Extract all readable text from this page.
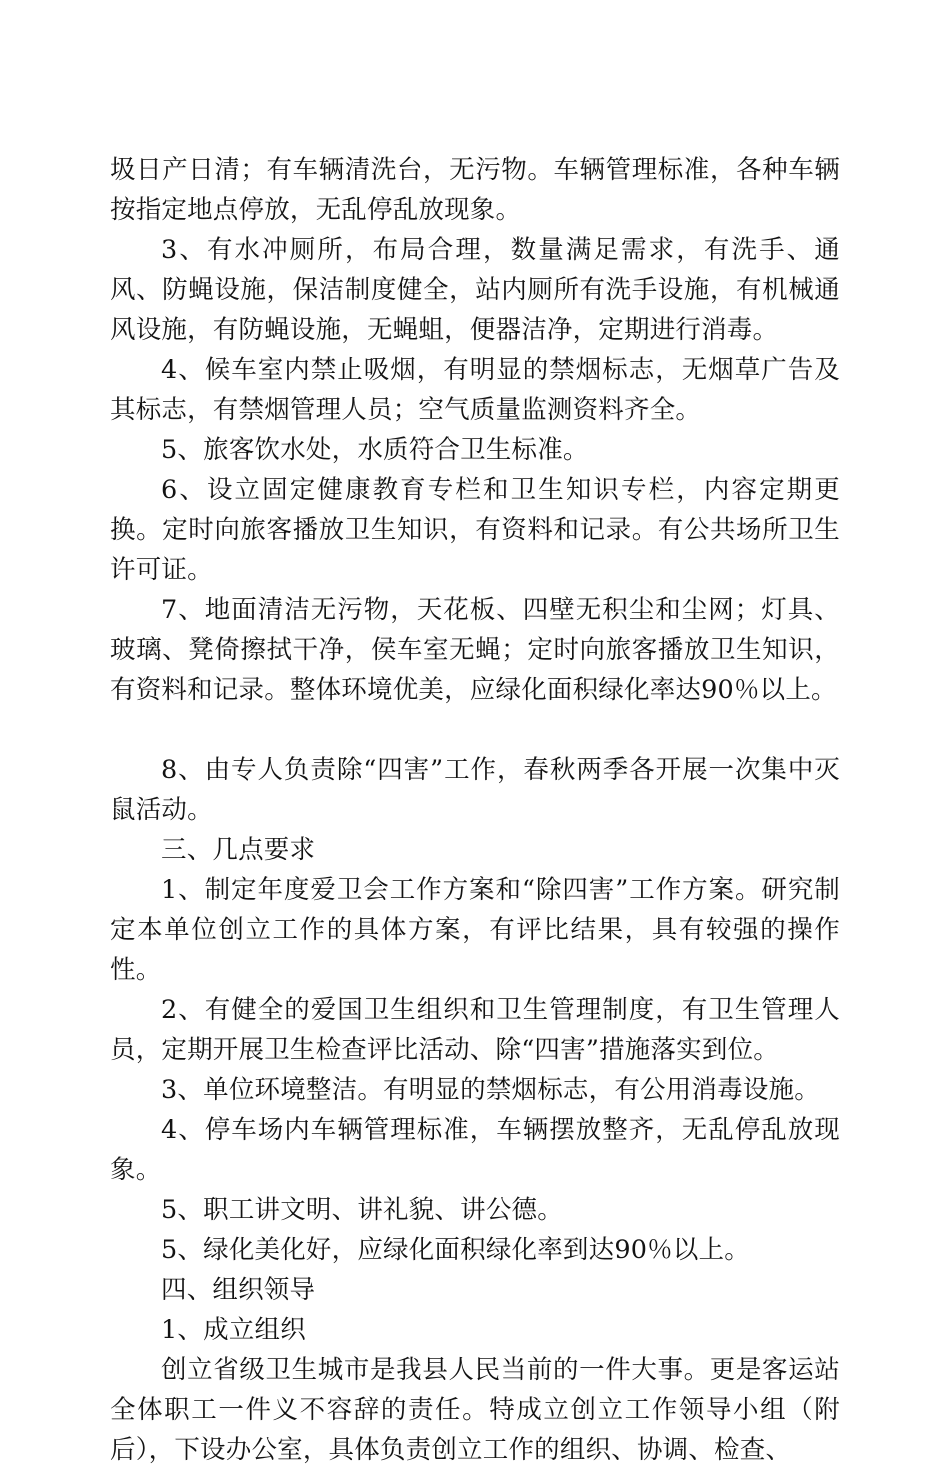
圾日产日清；有车辆清洗台，无污物。车辆管理标准，各种车辆按指定地点停放，无乱停乱放现象。

3、有水冲厕所，布局合理，数量满足需求，有洗手、通风、防蝇设施，保洁制度健全，站内厕所有洗手设施，有机械通风设施，有防蝇设施，无蝇蛆，便器洁净，定期进行消毒。

4、候车室内禁止吸烟，有明显的禁烟标志，无烟草广告及其标志，有禁烟管理人员；空气质量监测资料齐全。

5、旅客饮水处，水质符合卫生标准。

6、设立固定健康教育专栏和卫生知识专栏，内容定期更换。定时向旅客播放卫生知识，有资料和记录。有公共场所卫生许可证。

7、地面清洁无污物，天花板、四壁无积尘和尘网；灯具、玻璃、凳倚擦拭干净，侯车室无蝇；定时向旅客播放卫生知识，有资料和记录。整体环境优美，应绿化面积绿化率达90％以上。

8、由专人负责除“四害”工作，春秋两季各开展一次集中灭鼠活动。

三、几点要求

1、制定年度爱卫会工作方案和“除四害”工作方案。研究制定本单位创立工作的具体方案，有评比结果，具有较强的操作性。

2、有健全的爱国卫生组织和卫生管理制度，有卫生管理人员，定期开展卫生检查评比活动、除“四害”措施落实到位。

3、单位环境整洁。有明显的禁烟标志，有公用消毒设施。

4、停车场内车辆管理标准，车辆摆放整齐，无乱停乱放现象。

5、职工讲文明、讲礼貌、讲公德。

5、绿化美化好，应绿化面积绿化率到达90％以上。

四、组织领导

1、成立组织

创立省级卫生城市是我县人民当前的一件大事。更是客运站全体职工一件义不容辞的责任。特成立创立工作领导小组（附后），下设办公室，具体负责创立工作的组织、协调、检查、
